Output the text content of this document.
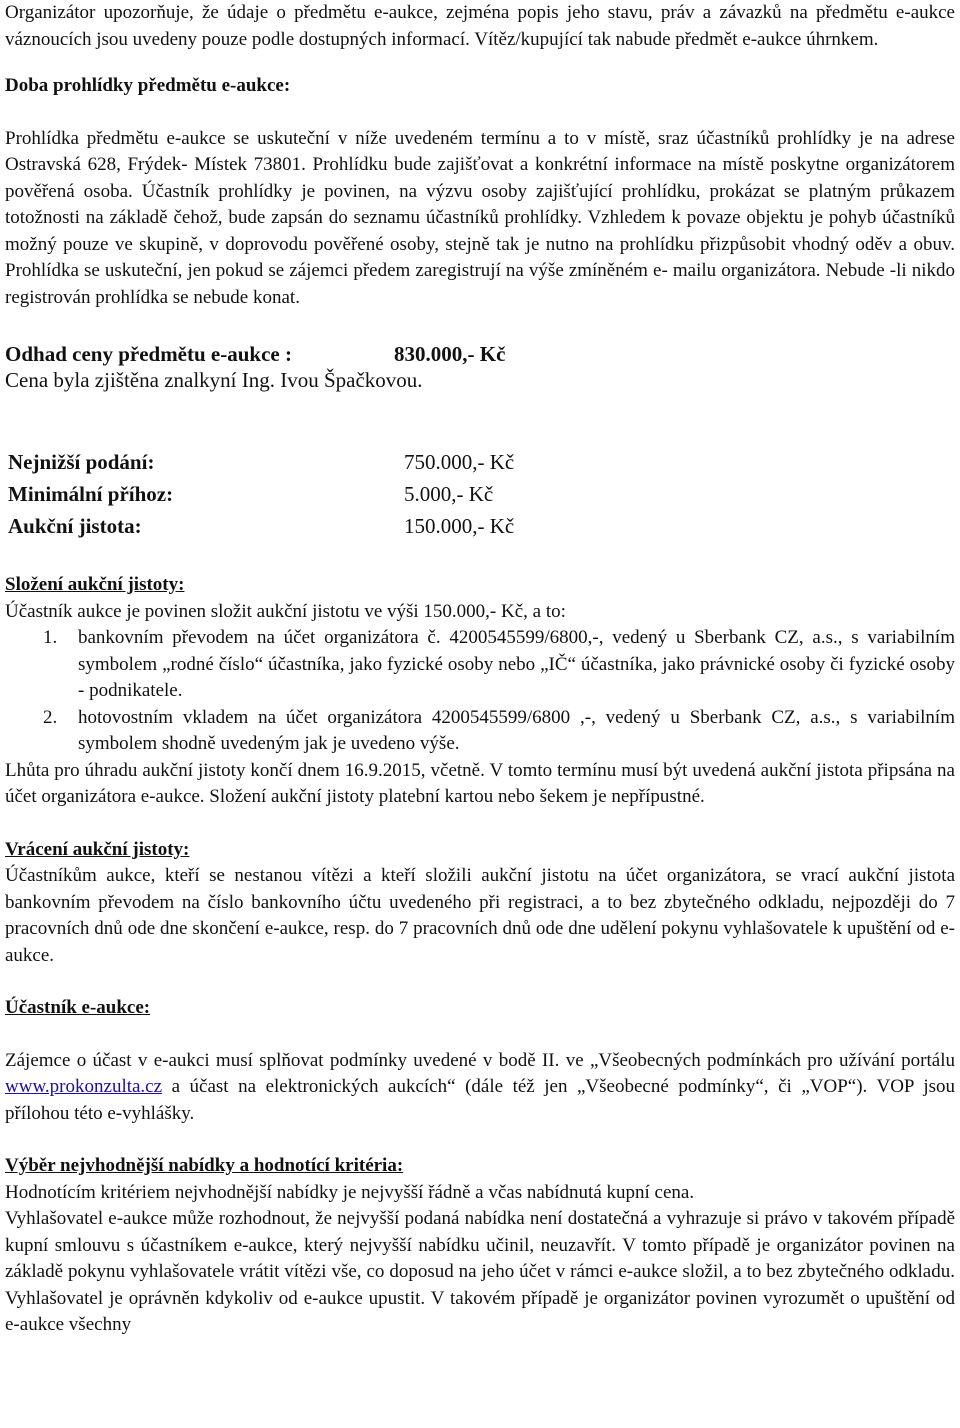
Organizátor upozorňuje, že údaje o předmětu e-aukce, zejména popis jeho stavu, práv a závazků na předmětu e-aukce váznoucích jsou uvedeny pouze podle dostupných informací. Vítěz/kupující tak nabude předmět e-aukce úhrnkem.

Doba prohlídky předmětu e-aukce:

Prohlídka předmětu e-aukce se uskuteční v níže uvedeném termínu a to v místě, sraz účastníků prohlídky je na adrese Ostravská 628, Frýdek- Místek 73801. Prohlídku bude zajišťovat a konkrétní informace na místě poskytne organizátorem pověřená osoba. Účastník prohlídky je povinen, na výzvu osoby zajišťující prohlídku, prokázat se platným průkazem totožnosti na základě čehož, bude zapsán do seznamu účastníků prohlídky. Vzhledem k povaze objektu je pohyb účastníků možný pouze ve skupině, v doprovodu pověřené osoby, stejně tak je nutno na prohlídku přizpůsobit vhodný oděv a obuv. Prohlídka se uskuteční, jen pokud se zájemci předem zaregistrují na výše zmíněném e- mailu organizátora. Nebude -li nikdo registrován prohlídka se nebude konat.

Odhad ceny předmětu e-aukce :	830.000,- Kč

Cena byla zjištěna znalkyní Ing. Ivou Špačkovou.

Nejnižší podání:	750.000,- Kč
Minimální příhoz:	5.000,- Kč
Aukční jistota:	150.000,- Kč

Složení aukční jistoty:

Účastník aukce je povinen složit aukční jistotu ve výši 150.000,- Kč, a to:

1.	bankovním převodem na účet organizátora č. 4200545599/6800,-, vedený u Sberbank CZ, a.s., s variabilním symbolem „rodné číslo“ účastníka, jako fyzické osoby nebo „IČ“ účastníka, jako právnické osoby či fyzické osoby - podnikatele.
2.	hotovostním vkladem na účet organizátora 4200545599/6800 ,-, vedený u Sberbank CZ, a.s., s variabilním symbolem shodně uvedeným jak je uvedeno výše.

Lhůta pro úhradu aukční jistoty končí dnem 16.9.2015, včetně. V tomto termínu musí být uvedená aukční jistota připsána na účet organizátora e-aukce. Složení aukční jistoty platební kartou nebo šekem je nepřípustné.

Vrácení aukční jistoty:

Účastníkům aukce, kteří se nestanou vítězi a kteří složili aukční jistotu na účet organizátora, se vrací aukční jistota bankovním převodem na číslo bankovního účtu uvedeného při registraci, a to bez zbytečného odkladu, nejpozději do 7 pracovních dnů ode dne skončení e-aukce, resp. do 7 pracovních dnů ode dne udělení pokynu vyhlašovatele k upuštění od e-aukce.

Účastník e-aukce:

Zájemce o účast v e-aukci musí splňovat podmínky uvedené v bodě II. ve „Všeobecných podmínkách pro užívání portálu www.prokonzulta.cz a účast na elektronických aukcích“ (dále též jen „Všeobecné podmínky“, či „VOP“). VOP jsou přílohou této e-vyhlášky.

Výběr nejvhodnější nabídky a hodnotící kritéria:

Hodnotícím kritériem nejvhodnější nabídky je nejvyšší řádně a včas nabídnutá kupní cena.

Vyhlašovatel e-aukce může rozhodnout, že nejvyšší podaná nabídka není dostatečná a vyhrazuje si právo v takovém případě kupní smlouvu s účastníkem e-aukce, který nejvyšší nabídku učinil, neuzavřít. V tomto případě je organizátor povinen na základě pokynu vyhlašovatele vrátit vítězi vše, co doposud na jeho účet v rámci e-aukce složil, a to bez zbytečného odkladu. Vyhlašovatel je oprávněn kdykoliv od e-aukce upustit. V takovém případě je organizátor povinen vyrozumět o upuštění od e-aukce všechny
